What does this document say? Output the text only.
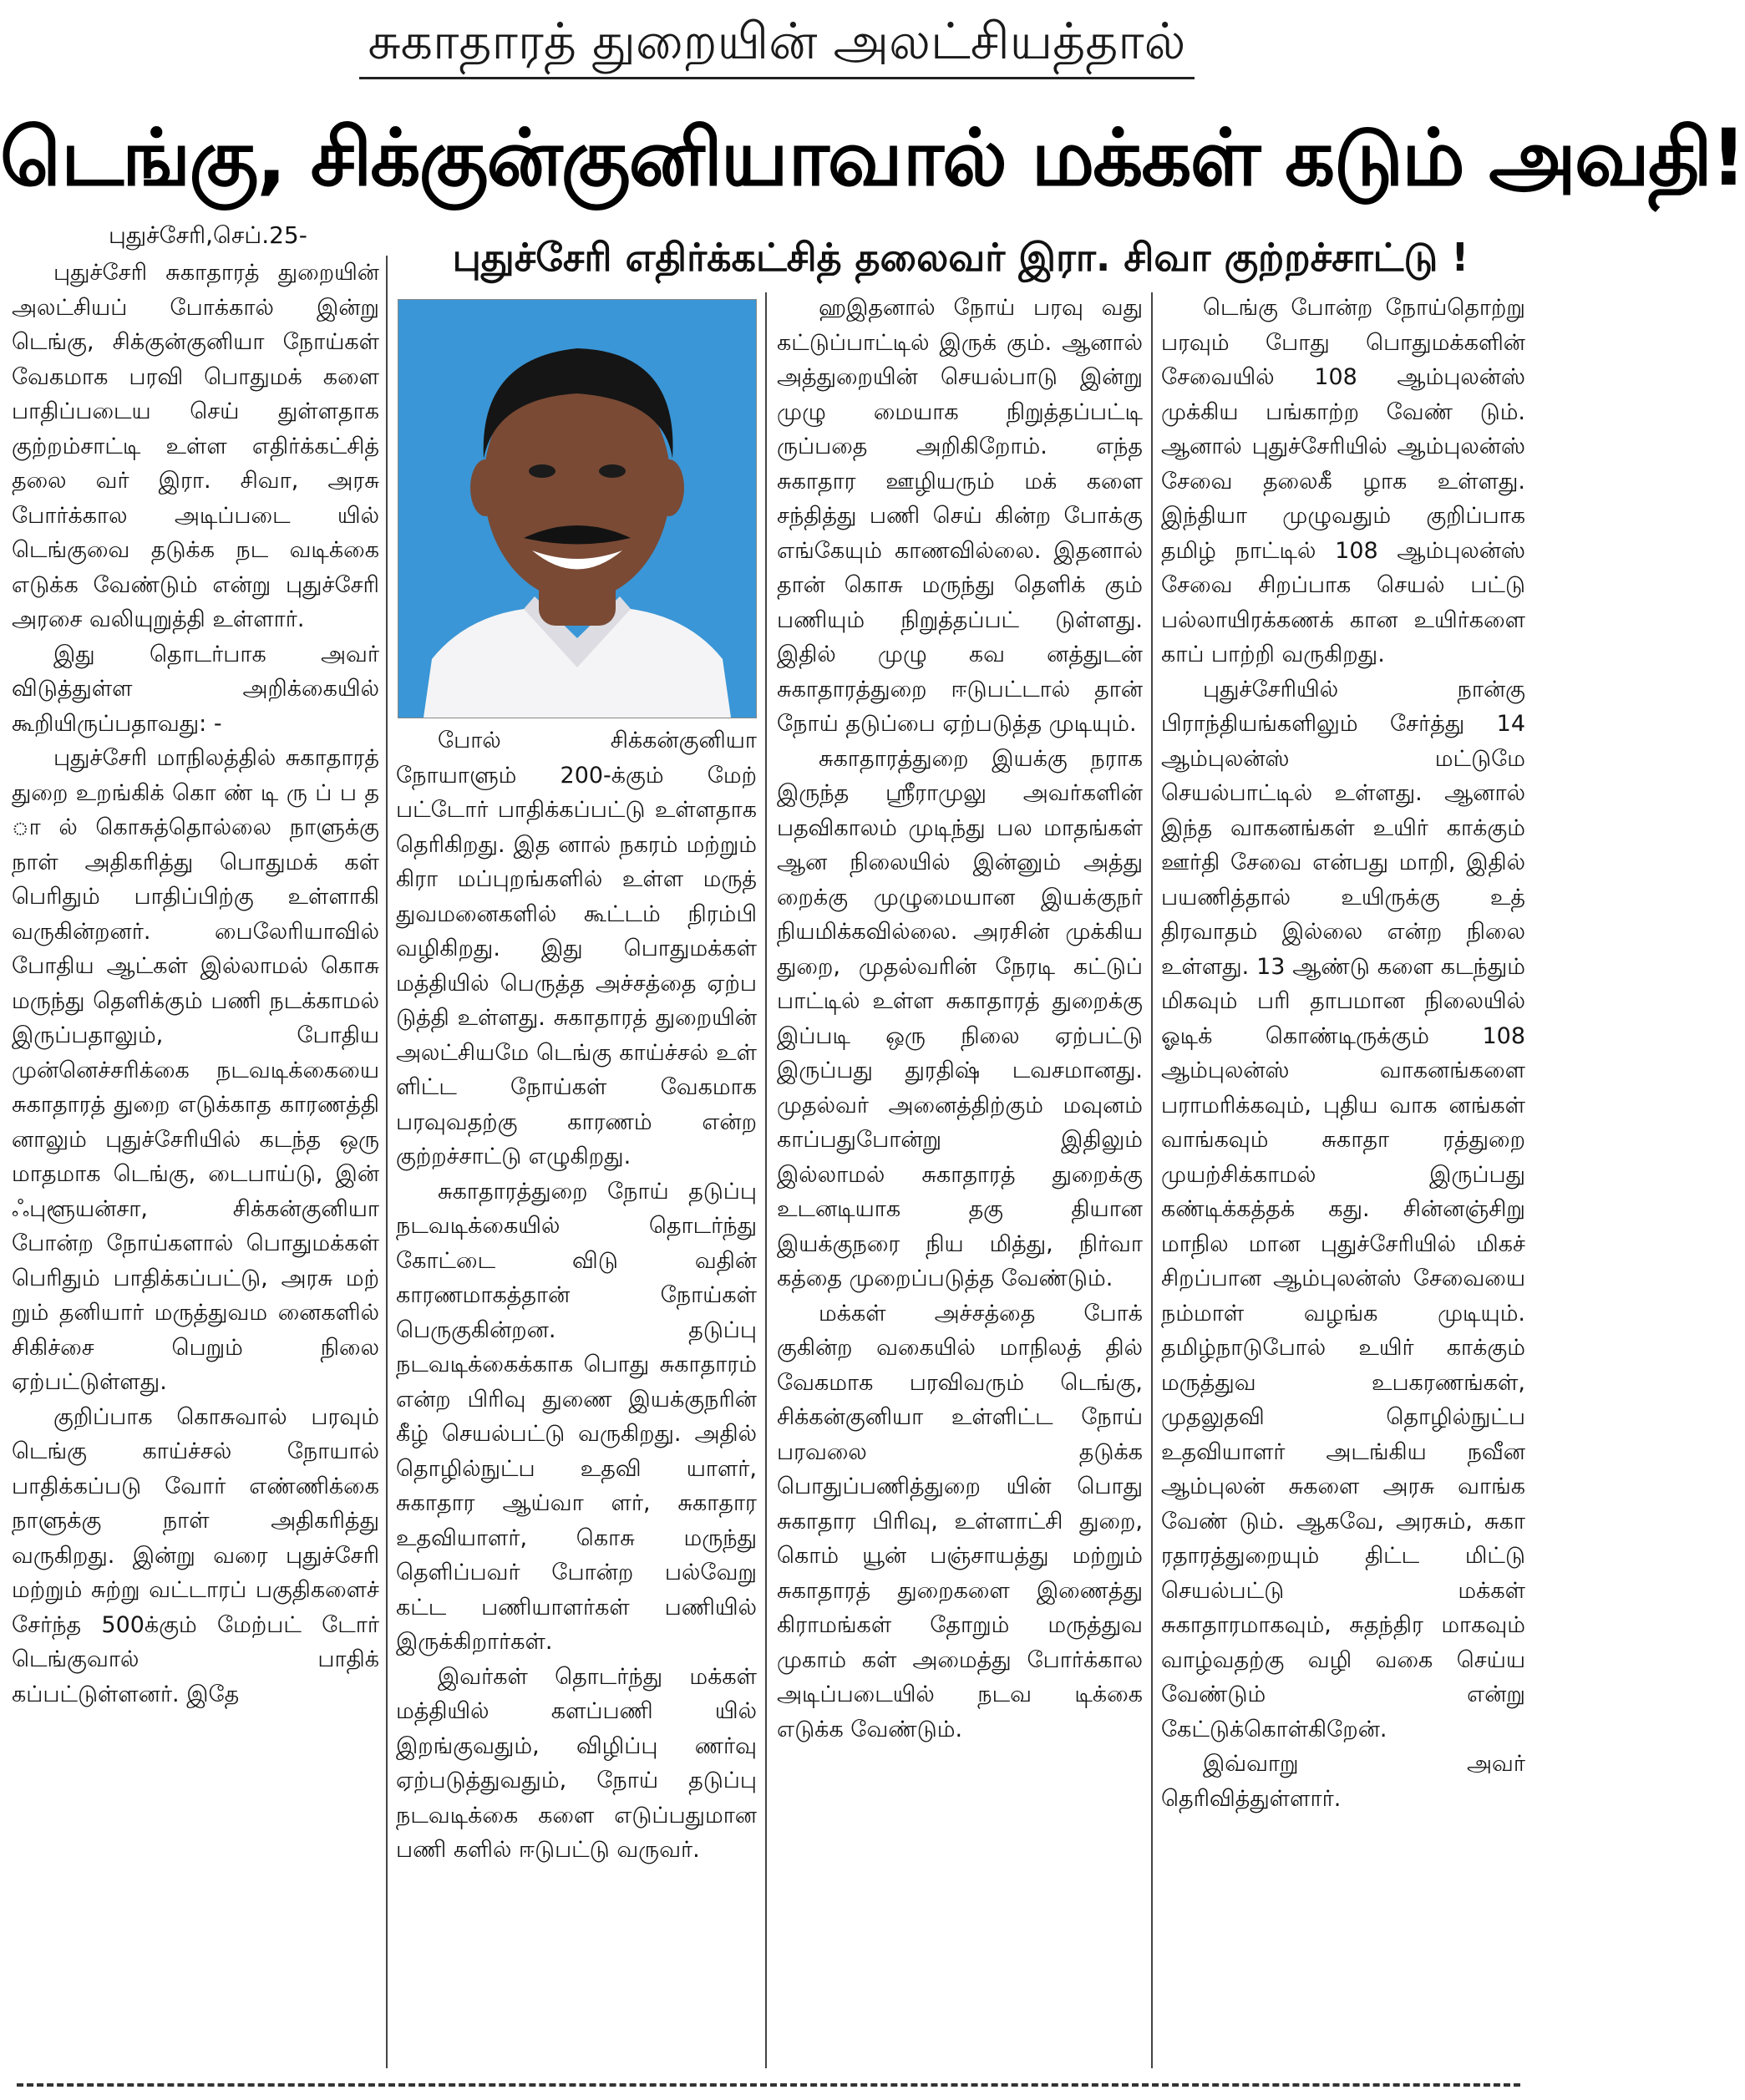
சுகாதாரத் துறையின் அலட்சியத்தால்
டெங்கு, சிக்குன்குனியாவால் மக்கள் கடும் அவதி!
புதுச்சேரி,செப்.25-	புதுச்சேரி எதிர்க்கட்சித் தலைவர் இரா. சிவா குற்றச்சாட்டு !

புதுச்சேரி சுகாதாரத் துறையின் அலட்சியப் போக்கால் இன்று டெங்கு, சிக்குன்குனியா நோய்கள் வேகமாக பரவி பொதுமக் களை பாதிப்படைய செய் துள்ளதாக குற்றம்சாட்டி உள்ள எதிர்க்கட்சித் தலை வர் இரா. சிவா, அரசு போர்க்கால அடிப்படை யில் டெங்குவை தடுக்க நட வடிக்கை எடுக்க வேண்டும் என்று புதுச்சேரி அரசை வலியுறுத்தி உள்ளார்.

இது தொடர்பாக அவர் விடுத்துள்ள அறிக்கையில் கூறியிருப்பதாவது: -

புதுச்சேரி மாநிலத்தில் சுகாதாரத் துறை உறங்கிக் கொ ண் டி ரு ப் ப த ா ல் கொசுத்தொல்லை நாளுக்கு நாள் அதிகரித்து பொதுமக் கள் பெரிதும் பாதிப்பிற்கு உள்ளாகி வருகின்றனர். பைலேரியாவில் போதிய ஆட்கள் இல்லாமல் கொசு மருந்து தெளிக்கும் பணி நடக்காமல் இருப்பதாலும், போதிய முன்னெச்சரிக்கை நடவடிக்கையை சுகாதாரத் துறை எடுக்காத காரணத்தி னாலும் புதுச்சேரியில் கடந்த ஒரு மாதமாக டெங்கு, டைபாய்டு, இன் ஃபுளூயன்சா, சிக்கன்குனியா போன்ற நோய்களால் பொதுமக்கள் பெரிதும் பாதிக்கப்பட்டு, அரசு மற் றும் தனியார் மருத்துவம னைகளில் சிகிச்சை பெறும் நிலை ஏற்பட்டுள்ளது.

குறிப்பாக கொசுவால் பரவும் டெங்கு காய்ச்சல் நோயால் பாதிக்கப்படு வோர் எண்ணிக்கை நாளுக்கு நாள் அதிகரித்து வருகிறது. இன்று வரை புதுச்சேரி மற்றும் சுற்று வட்டாரப் பகுதிகளைச் சேர்ந்த 500க்கும் மேற்பட் டோர் டெங்குவால் பாதிக் கப்பட்டுள்ளனர். இதே

போல் சிக்கன்குனியா நோயாளும் 200-க்கும் மேற் பட்டோர் பாதிக்கப்பட்டு உள்ளதாக தெரிகிறது. இத னால் நகரம் மற்றும் கிரா மப்புறங்களில் உள்ள மருத் துவமனைகளில் கூட்டம் நிரம்பி வழிகிறது. இது பொதுமக்கள் மத்தியில் பெருத்த அச்சத்தை ஏற்ப டுத்தி உள்ளது. சுகாதாரத் துறையின் அலட்சியமே டெங்கு காய்ச்சல் உள் ளிட்ட நோய்கள் வேகமாக பரவுவதற்கு காரணம் என்ற குற்றச்சாட்டு எழுகிறது.

சுகாதாரத்துறை நோய் தடுப்பு நடவடிக்கையில் தொடர்ந்து கோட்டை விடு வதின் காரணமாகத்தான் நோய்கள் பெருகுகின்றன. தடுப்பு நடவடிக்கைக்காக பொது சுகாதாரம் என்ற பிரிவு துணை இயக்குநரின் கீழ் செயல்பட்டு வருகிறது. அதில் தொழில்நுட்ப உதவி யாளர், சுகாதார ஆய்வா ளர், சுகாதார உதவியாளர், கொசு மருந்து தெளிப்பவர் போன்ற பல்வேறு கட்ட பணியாளர்கள் பணியில் இருக்கிறார்கள்.

இவர்கள் தொடர்ந்து மக்கள் மத்தியில் களப்பணி யில் இறங்குவதும், விழிப்பு ணர்வு ஏற்படுத்துவதும், நோய் தடுப்பு நடவடிக்கை களை எடுப்பதுமான பணி களில் ஈடுபட்டு வருவர்.

ஹஇதனால் நோய் பரவு வது கட்டுப்பாட்டில் இருக் கும். ஆனால் அத்துறையின் செயல்பாடு இன்று முழு மையாக நிறுத்தப்பட்டி ருப்பதை அறிகிறோம். எந்த சுகாதார ஊழியரும் மக் களை சந்தித்து பணி செய் கின்ற போக்கு எங்கேயும் காணவில்லை. இதனால் தான் கொசு மருந்து தெளிக் கும் பணியும் நிறுத்தப்பட் டுள்ளது. இதில் முழு கவ னத்துடன் சுகாதாரத்துறை ஈடுபட்டால் தான் நோய் தடுப்பை ஏற்படுத்த முடியும்.

சுகாதாரத்துறை இயக்கு நராக இருந்த ஸ்ரீராமுலு அவர்களின் பதவிகாலம் முடிந்து பல மாதங்கள் ஆன நிலையில் இன்னும் அத்து றைக்கு முழுமையான இயக்குநர் நியமிக்கவில்லை. அரசின் முக்கிய துறை, முதல்வரின் நேரடி கட்டுப் பாட்டில் உள்ள சுகாதாரத் துறைக்கு இப்படி ஒரு நிலை ஏற்பட்டு இருப்பது துரதிஷ் டவசமானது. முதல்வர் அனைத்திற்கும் மவுனம் காப்பதுபோன்று இதிலும் இல்லாமல் சுகாதாரத் துறைக்கு உடனடியாக தகு தியான இயக்குநரை நிய மித்து, நிர்வா கத்தை முறைப்படுத்த வேண்டும்.

மக்கள் அச்சத்தை போக் குகின்ற வகையில் மாநிலத் தில் வேகமாக பரவிவரும் டெங்கு, சிக்கன்குனியா உள்ளிட்ட நோய் பரவலை தடுக்க பொதுப்பணித்துறை யின் பொது சுகாதார பிரிவு, உள்ளாட்சி துறை, கொம் யூன் பஞ்சாயத்து மற்றும் சுகாதாரத் துறைகளை இணைத்து கிராமங்கள் தோறும் மருத்துவ முகாம் கள் அமைத்து போர்க்கால அடிப்படையில் நடவ டிக்கை எடுக்க வேண்டும்.

டெங்கு போன்ற நோய்தொற்று பரவும் போது பொதுமக்களின் சேவையில் 108 ஆம்புலன்ஸ் முக்கிய பங்காற்ற வேண் டும். ஆனால் புதுச்சேரியில் ஆம்புலன்ஸ் சேவை தலைகீ ழாக உள்ளது. இந்தியா முழுவதும் குறிப்பாக தமிழ் நாட்டில் 108 ஆம்புலன்ஸ் சேவை சிறப்பாக செயல் பட்டு பல்லாயிரக்கணக் கான உயிர்களை காப் பாற்றி வருகிறது.

புதுச்சேரியில் நான்கு பிராந்தியங்களிலும் சேர்த்து 14 ஆம்புலன்ஸ் மட்டுமே செயல்பாட்டில் உள்ளது. ஆனால் இந்த வாகனங்கள் உயிர் காக்கும் ஊர்தி சேவை என்பது மாறி, இதில் பயணித்தால் உயிருக்கு உத் திரவாதம் இல்லை என்ற நிலை உள்ளது. 13 ஆண்டு களை கடந்தும் மிகவும் பரி தாபமான நிலையில் ஓடிக் கொண்டிருக்கும் 108 ஆம்புலன்ஸ் வாகனங்களை பராமரிக்கவும், புதிய வாக னங்கள் வாங்கவும் சுகாதா ரத்துறை முயற்சிக்காமல் இருப்பது கண்டிக்கத்தக் கது. சின்னஞ்சிறு மாநில மான புதுச்சேரியில் மிகச் சிறப்பான ஆம்புலன்ஸ் சேவையை நம்மாள் வழங்க முடியும். தமிழ்நாடுபோல் உயிர் காக்கும் மருத்துவ உபகரணங்கள், முதலுதவி தொழில்நுட்ப உதவியாளர் அடங்கிய நவீன ஆம்புலன் சுகளை அரசு வாங்க வேண் டும். ஆகவே, அரசும், சுகா ரதாரத்துறையும் திட்ட மிட்டு செயல்பட்டு மக்கள் சுகாதாரமாகவும், சுதந்திர மாகவும் வாழ்வதற்கு வழி வகை செய்ய வேண்டும் என்று கேட்டுக்கொள்கிறேன்.

இவ்வாறு அவர் தெரிவித்துள்ளார்.
